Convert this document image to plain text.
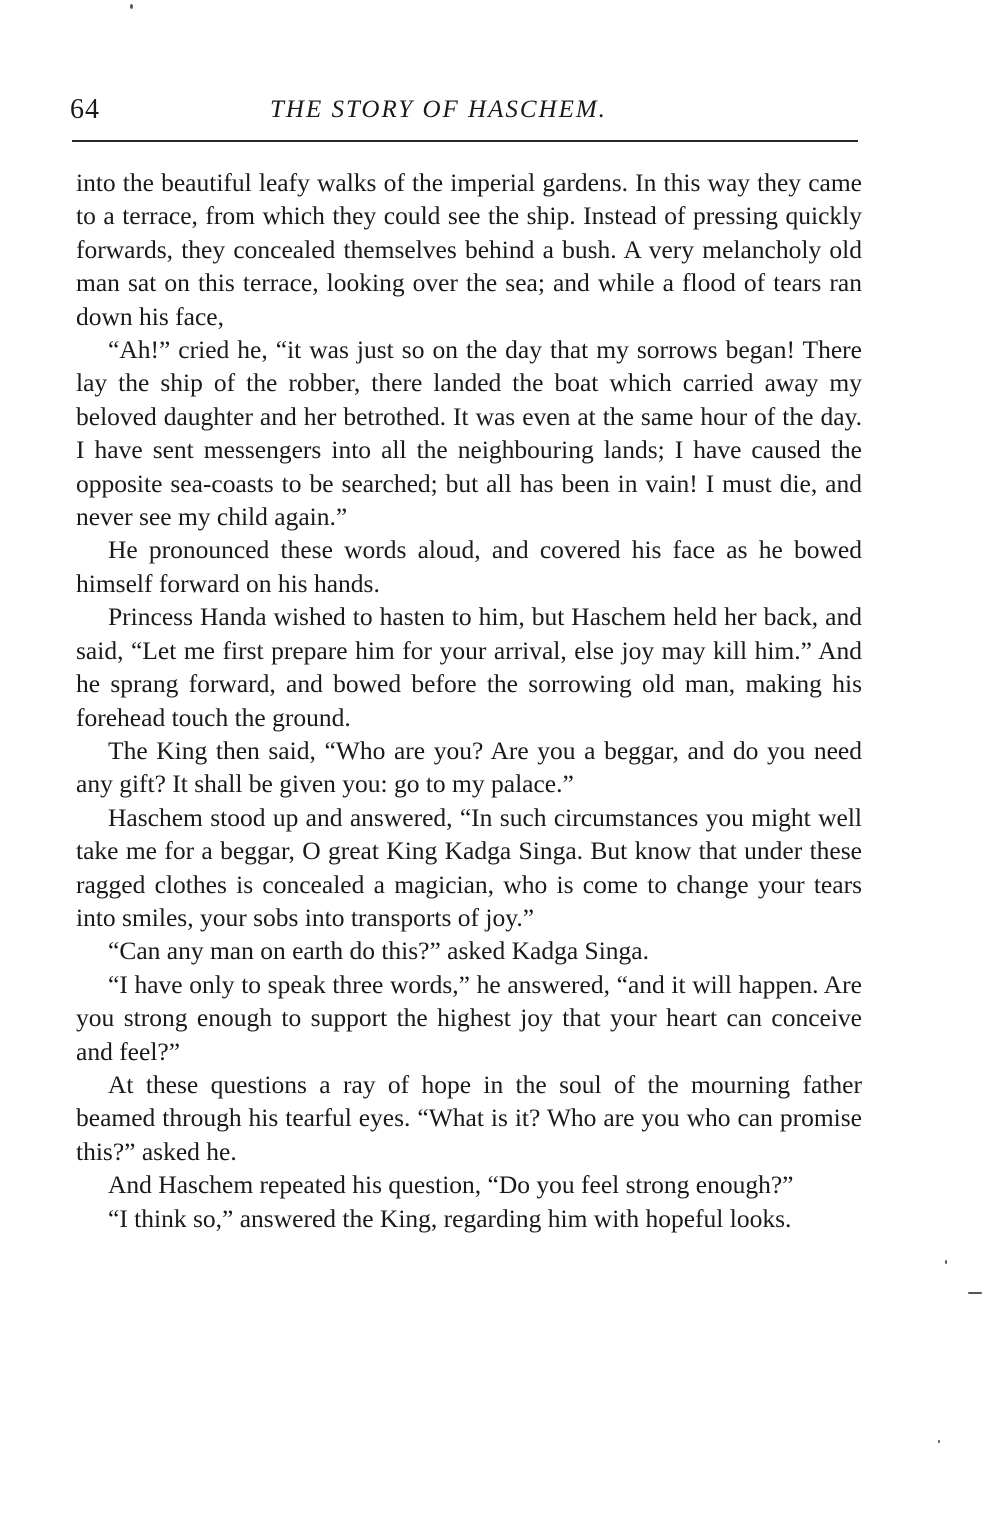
64	THE STORY OF HASCHEM.

into the beautiful leafy walks of the imperial gardens. In this way they came to a terrace, from which they could see the ship. Instead of pressing quickly forwards, they concealed themselves behind a bush. A very melancholy old man sat on this terrace, looking over the sea; and while a flood of tears ran down his face,

“Ah!” cried he, “it was just so on the day that my sorrows began! There lay the ship of the robber, there landed the boat which carried away my beloved daughter and her betrothed. It was even at the same hour of the day. I have sent messengers into all the neighbouring lands; I have caused the opposite sea-coasts to be searched; but all has been in vain! I must die, and never see my child again.”

He pronounced these words aloud, and covered his face as he bowed himself forward on his hands.

Princess Handa wished to hasten to him, but Haschem held her back, and said, “Let me first prepare him for your arrival, else joy may kill him.” And he sprang forward, and bowed before the sorrowing old man, making his forehead touch the ground.

The King then said, “Who are you? Are you a beggar, and do you need any gift? It shall be given you: go to my palace.”

Haschem stood up and answered, “In such circumstances you might well take me for a beggar, O great King Kadga Singa. But know that under these ragged clothes is concealed a magician, who is come to change your tears into smiles, your sobs into transports of joy.”

“Can any man on earth do this?” asked Kadga Singa.

“I have only to speak three words,” he answered, “and it will happen. Are you strong enough to support the highest joy that your heart can conceive and feel?”

At these questions a ray of hope in the soul of the mourning father beamed through his tearful eyes. “What is it? Who are you who can promise this?” asked he.

And Haschem repeated his question, “Do you feel strong enough?”

“I think so,” answered the King, regarding him with hopeful looks.
